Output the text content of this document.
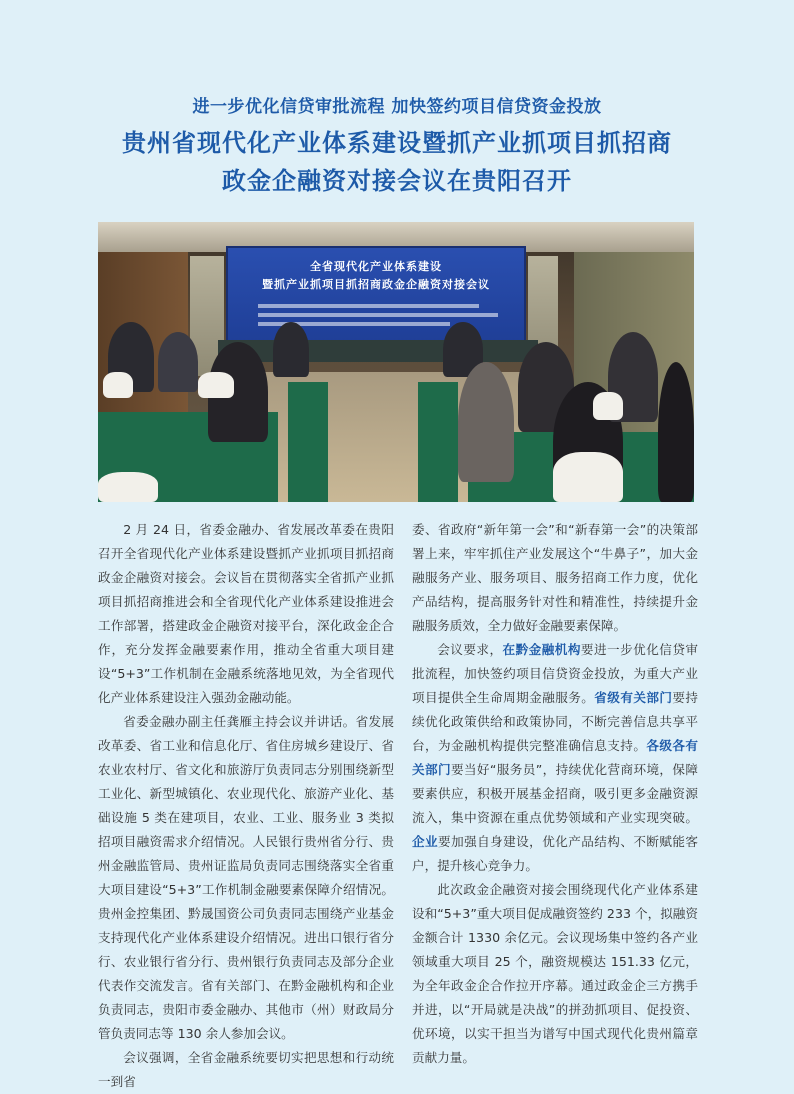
进一步优化信贷审批流程 加快签约项目信贷资金投放
贵州省现代化产业体系建设暨抓产业抓项目抓招商
政金企融资对接会议在贵阳召开
全省现代化产业体系建设
暨抓产业抓项目抓招商政金企融资对接会议

2 月 24 日，省委金融办、省发展改革委在贵阳召开全省现代化产业体系建设暨抓产业抓项目抓招商政金企融资对接会。会议旨在贯彻落实全省抓产业抓项目抓招商推进会和全省现代化产业体系建设推进会工作部署，搭建政金企融资对接平台，深化政金企合作，充分发挥金融要素作用，推动全省重大项目建设“5+3”工作机制在金融系统落地见效，为全省现代化产业体系建设注入强劲金融动能。

省委金融办副主任龚雁主持会议并讲话。省发展改革委、省工业和信息化厅、省住房城乡建设厅、省农业农村厅、省文化和旅游厅负责同志分别围绕新型工业化、新型城镇化、农业现代化、旅游产业化、基础设施 5 类在建项目，农业、工业、服务业 3 类拟招项目融资需求介绍情况。人民银行贵州省分行、贵州金融监管局、贵州证监局负责同志围绕落实全省重大项目建设“5+3”工作机制金融要素保障介绍情况。贵州金控集团、黔晟国资公司负责同志围绕产业基金支持现代化产业体系建设介绍情况。进出口银行省分行、农业银行省分行、贵州银行负责同志及部分企业代表作交流发言。省有关部门、在黔金融机构和企业负责同志，贵阳市委金融办、其他市（州）财政局分管负责同志等 130 余人参加会议。

会议强调，全省金融系统要切实把思想和行动统一到省

委、省政府“新年第一会”和“新春第一会”的决策部署上来，牢牢抓住产业发展这个“牛鼻子”，加大金融服务产业、服务项目、服务招商工作力度，优化产品结构，提高服务针对性和精准性，持续提升金融服务质效，全力做好金融要素保障。

会议要求，在黔金融机构要进一步优化信贷审批流程，加快签约项目信贷资金投放，为重大产业项目提供全生命周期金融服务。省级有关部门要持续优化政策供给和政策协同，不断完善信息共享平台，为金融机构提供完整准确信息支持。各级各有关部门要当好“服务员”，持续优化营商环境，保障要素供应，积极开展基金招商，吸引更多金融资源流入，集中资源在重点优势领域和产业实现突破。企业要加强自身建设，优化产品结构、不断赋能客户，提升核心竞争力。

此次政金企融资对接会围绕现代化产业体系建设和“5+3”重大项目促成融资签约 233 个，拟融资金额合计 1330 余亿元。会议现场集中签约各产业领域重大项目 25 个，融资规模达 151.33 亿元，为全年政金企合作拉开序幕。通过政金企三方携手并进，以“开局就是决战”的拼劲抓项目、促投资、优环境，以实干担当为谱写中国式现代化贵州篇章贡献力量。
